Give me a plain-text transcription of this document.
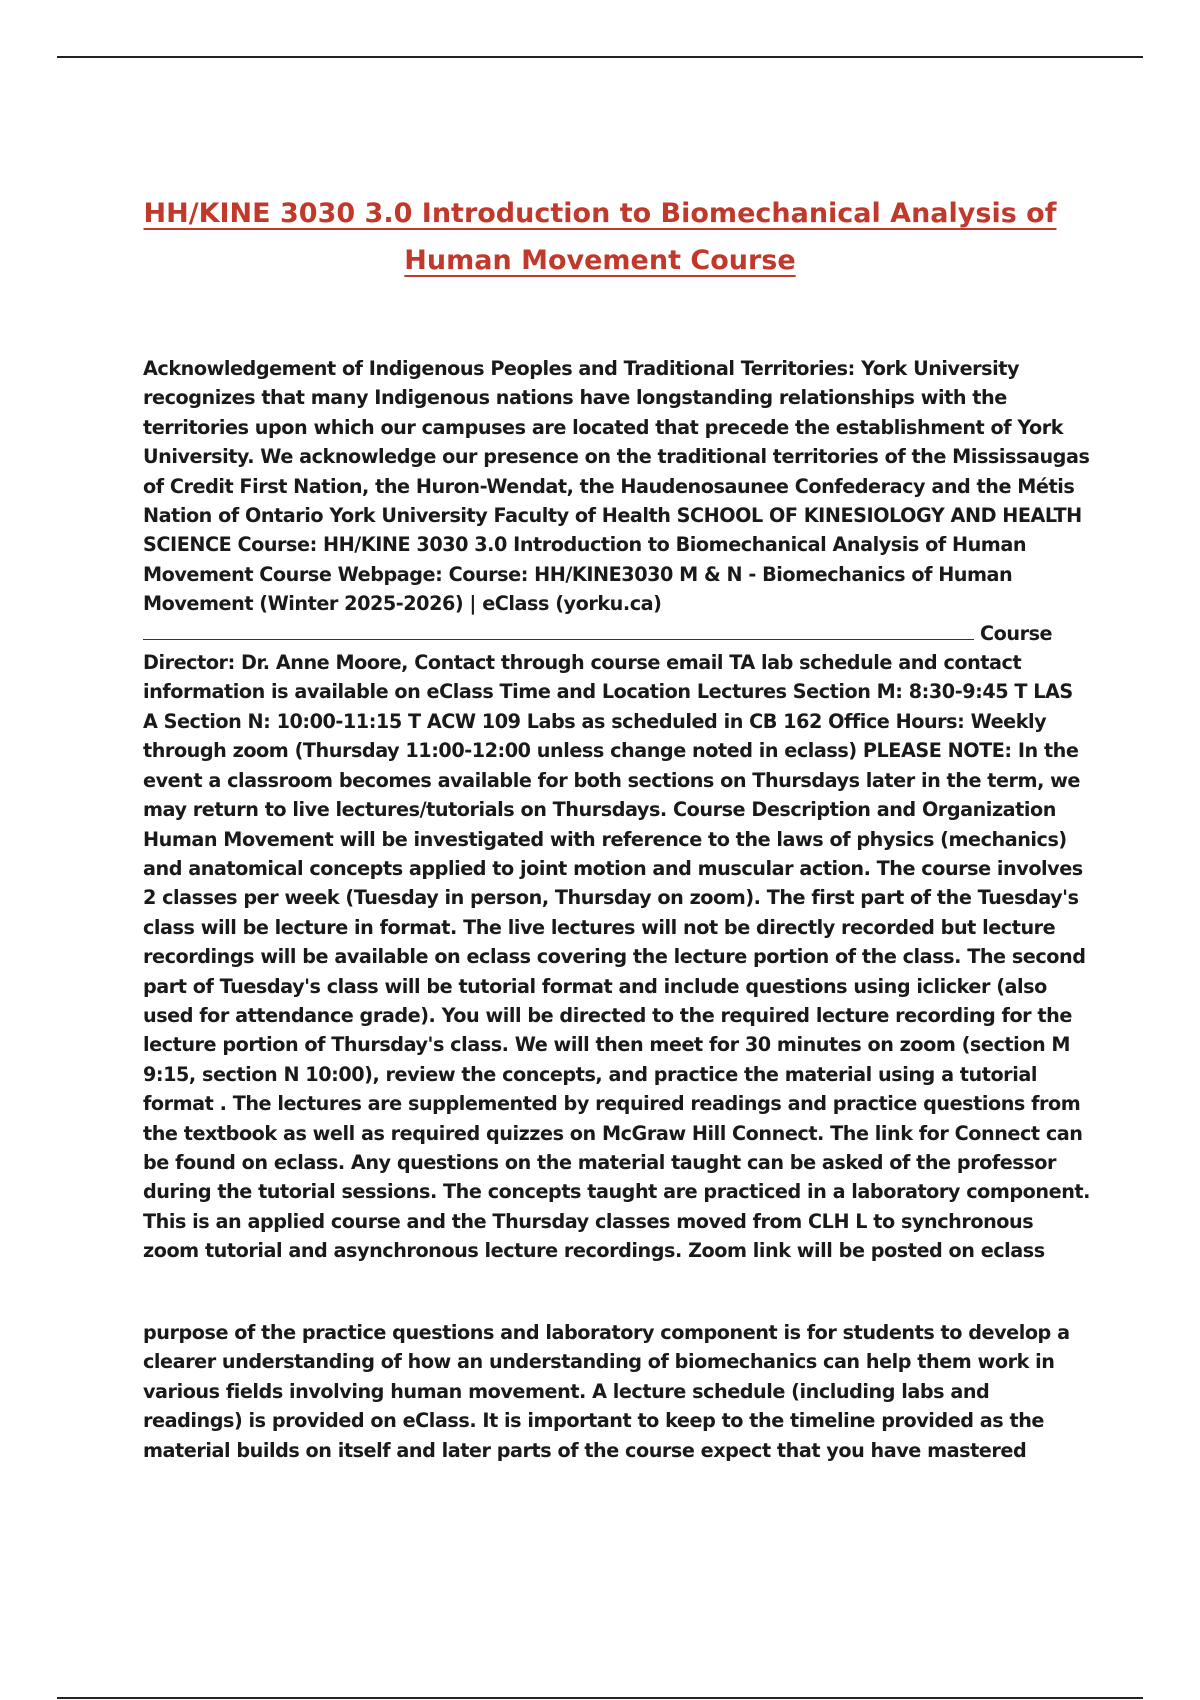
HH/KINE 3030 3.0 Introduction to Biomechanical Analysis of Human Movement Course

Acknowledgement of Indigenous Peoples and Traditional Territories: York University recognizes that many Indigenous nations have longstanding relationships with the territories upon which our campuses are located that precede the establishment of York University. We acknowledge our presence on the traditional territories of the Mississaugas of Credit First Nation, the Huron-Wendat, the Haudenosaunee Confederacy and the Métis Nation of Ontario York University Faculty of Health SCHOOL OF KINESIOLOGY AND HEALTH SCIENCE Course: HH/KINE 3030 3.0 Introduction to Biomechanical Analysis of Human Movement Course Webpage: Course: HH/KINE3030 M & N - Biomechanics of Human Movement (Winter 2025-2026) | eClass (yorku.ca) Course Director: Dr. Anne Moore, Contact through course email TA lab schedule and contact information is available on eClass Time and Location Lectures Section M: 8:30-9:45 T LAS A Section N: 10:00-11:15 T ACW 109 Labs as scheduled in CB 162 Office Hours: Weekly through zoom (Thursday 11:00-12:00 unless change noted in eclass) PLEASE NOTE: In the event a classroom becomes available for both sections on Thursdays later in the term, we may return to live lectures/tutorials on Thursdays. Course Description and Organization Human Movement will be investigated with reference to the laws of physics (mechanics) and anatomical concepts applied to joint motion and muscular action. The course involves 2 classes per week (Tuesday in person, Thursday on zoom). The first part of the Tuesday's class will be lecture in format. The live lectures will not be directly recorded but lecture recordings will be available on eclass covering the lecture portion of the class. The second part of Tuesday's class will be tutorial format and include questions using iclicker (also used for attendance grade). You will be directed to the required lecture recording for the lecture portion of Thursday's class. We will then meet for 30 minutes on zoom (section M 9:15, section N 10:00), review the concepts, and practice the material using a tutorial format . The lectures are supplemented by required readings and practice questions from the textbook as well as required quizzes on McGraw Hill Connect. The link for Connect can be found on eclass. Any questions on the material taught can be asked of the professor during the tutorial sessions. The concepts taught are practiced in a laboratory component. This is an applied course and the Thursday classes moved from CLH L to synchronous zoom tutorial and asynchronous lecture recordings. Zoom link will be posted on eclass

purpose of the practice questions and laboratory component is for students to develop a clearer understanding of how an understanding of biomechanics can help them work in various fields involving human movement. A lecture schedule (including labs and readings) is provided on eClass. It is important to keep to the timeline provided as the material builds on itself and later parts of the course expect that you have mastered
